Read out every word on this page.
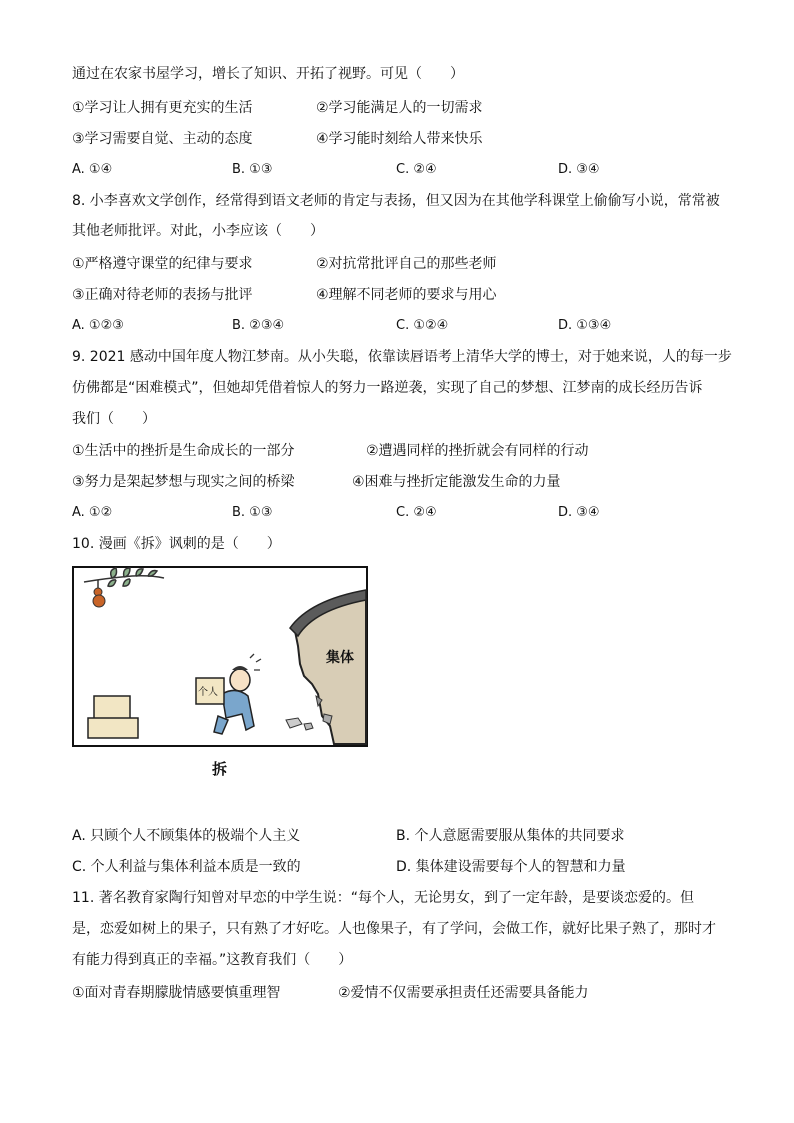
通过在农家书屋学习，增长了知识、开拓了视野。可见（　　）
①学习让人拥有更充实的生活	②学习能满足人的一切需求
③学习需要自觉、主动的态度	④学习能时刻给人带来快乐
A. ①④	B. ①③	C. ②④	D. ③④
8. 小李喜欢文学创作，经常得到语文老师的肯定与表扬，但又因为在其他学科课堂上偷偷写小说，常常被
其他老师批评。对此，小李应该（　　）
①严格遵守课堂的纪律与要求	②对抗常批评自己的那些老师
③正确对待老师的表扬与批评	④理解不同老师的要求与用心
A. ①②③	B. ②③④	C. ①②④	D. ①③④
9. 2021 感动中国年度人物江梦南。从小失聪，依靠读唇语考上清华大学的博士，对于她来说，人的每一步
仿佛都是“困难模式”，但她却凭借着惊人的努力一路逆袭，实现了自己的梦想、江梦南的成长经历告诉
我们（　　）
①生活中的挫折是生命成长的一部分	②遭遇同样的挫折就会有同样的行动
③努力是架起梦想与现实之间的桥梁	④困难与挫折定能激发生命的力量
A. ①②	B. ①③	C. ②④	D. ③④
10. 漫画《拆》讽刺的是（　　）
集体
个人
拆
A. 只顾个人不顾集体的极端个人主义	B. 个人意愿需要服从集体的共同要求
C. 个人利益与集体利益本质是一致的	D. 集体建设需要每个人的智慧和力量
11. 著名教育家陶行知曾对早恋的中学生说：“每个人，无论男女，到了一定年龄，是要谈恋爱的。但
是，恋爱如树上的果子，只有熟了才好吃。人也像果子，有了学问，会做工作，就好比果子熟了，那时才
有能力得到真正的幸福。”这教育我们（　　）
①面对青春期朦胧情感要慎重理智	②爱情不仅需要承担责任还需要具备能力
